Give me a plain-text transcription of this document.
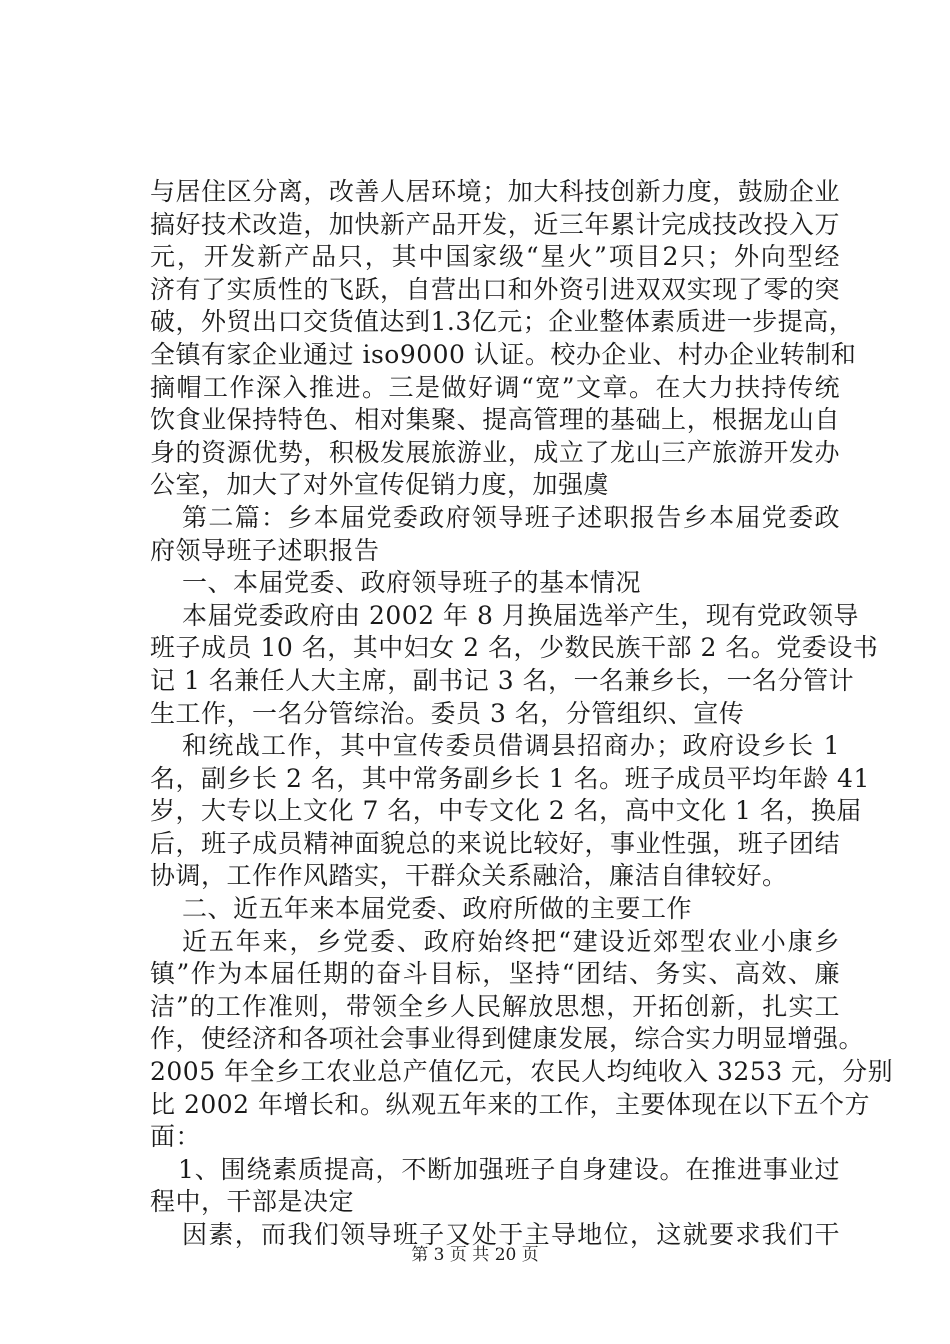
与居住区分离，改善人居环境；加大科技创新力度，鼓励企业
搞好技术改造，加快新产品开发，近三年累计完成技改投入万
元，开发新产品只，其中国家级“星火”项目2只；外向型经
济有了实质性的飞跃，自营出口和外资引进双双实现了零的突
破，外贸出口交货值达到1.3亿元；企业整体素质进一步提高，
全镇有家企业通过 iso9000 认证。校办企业、村办企业转制和
摘帽工作深入推进。三是做好调“宽”文章。在大力扶持传统
饮食业保持特色、相对集聚、提高管理的基础上，根据龙山自
身的资源优势，积极发展旅游业，成立了龙山三产旅游开发办
公室，加大了对外宣传促销力度，加强虞
第二篇：乡本届党委政府领导班子述职报告乡本届党委政
府领导班子述职报告
一、本届党委、政府领导班子的基本情况
本届党委政府由 2002 年 8 月换届选举产生，现有党政领导
班子成员 10 名，其中妇女 2 名，少数民族干部 2 名。党委设书
记 1 名兼任人大主席，副书记 3 名，一名兼乡长，一名分管计
生工作，一名分管综治。委员 3 名，分管组织、宣传
和统战工作，其中宣传委员借调县招商办；政府设乡长 1
名，副乡长 2 名，其中常务副乡长 1 名。班子成员平均年龄 41
岁，大专以上文化 7 名，中专文化 2 名，高中文化 1 名，换届
后，班子成员精神面貌总的来说比较好，事业性强，班子团结
协调，工作作风踏实，干群众关系融洽，廉洁自律较好。
二、近五年来本届党委、政府所做的主要工作
近五年来，乡党委、政府始终把“建设近郊型农业小康乡
镇”作为本届任期的奋斗目标，坚持“团结、务实、高效、廉
洁”的工作准则，带领全乡人民解放思想，开拓创新，扎实工
作，使经济和各项社会事业得到健康发展，综合实力明显增强。
2005 年全乡工农业总产值亿元，农民人均纯收入 3253 元，分别
比 2002 年增长和。纵观五年来的工作，主要体现在以下五个方
面：
1、围绕素质提高，不断加强班子自身建设。在推进事业过
程中，干部是决定
因素，而我们领导班子又处于主导地位，这就要求我们干
第 3 页 共 20 页
